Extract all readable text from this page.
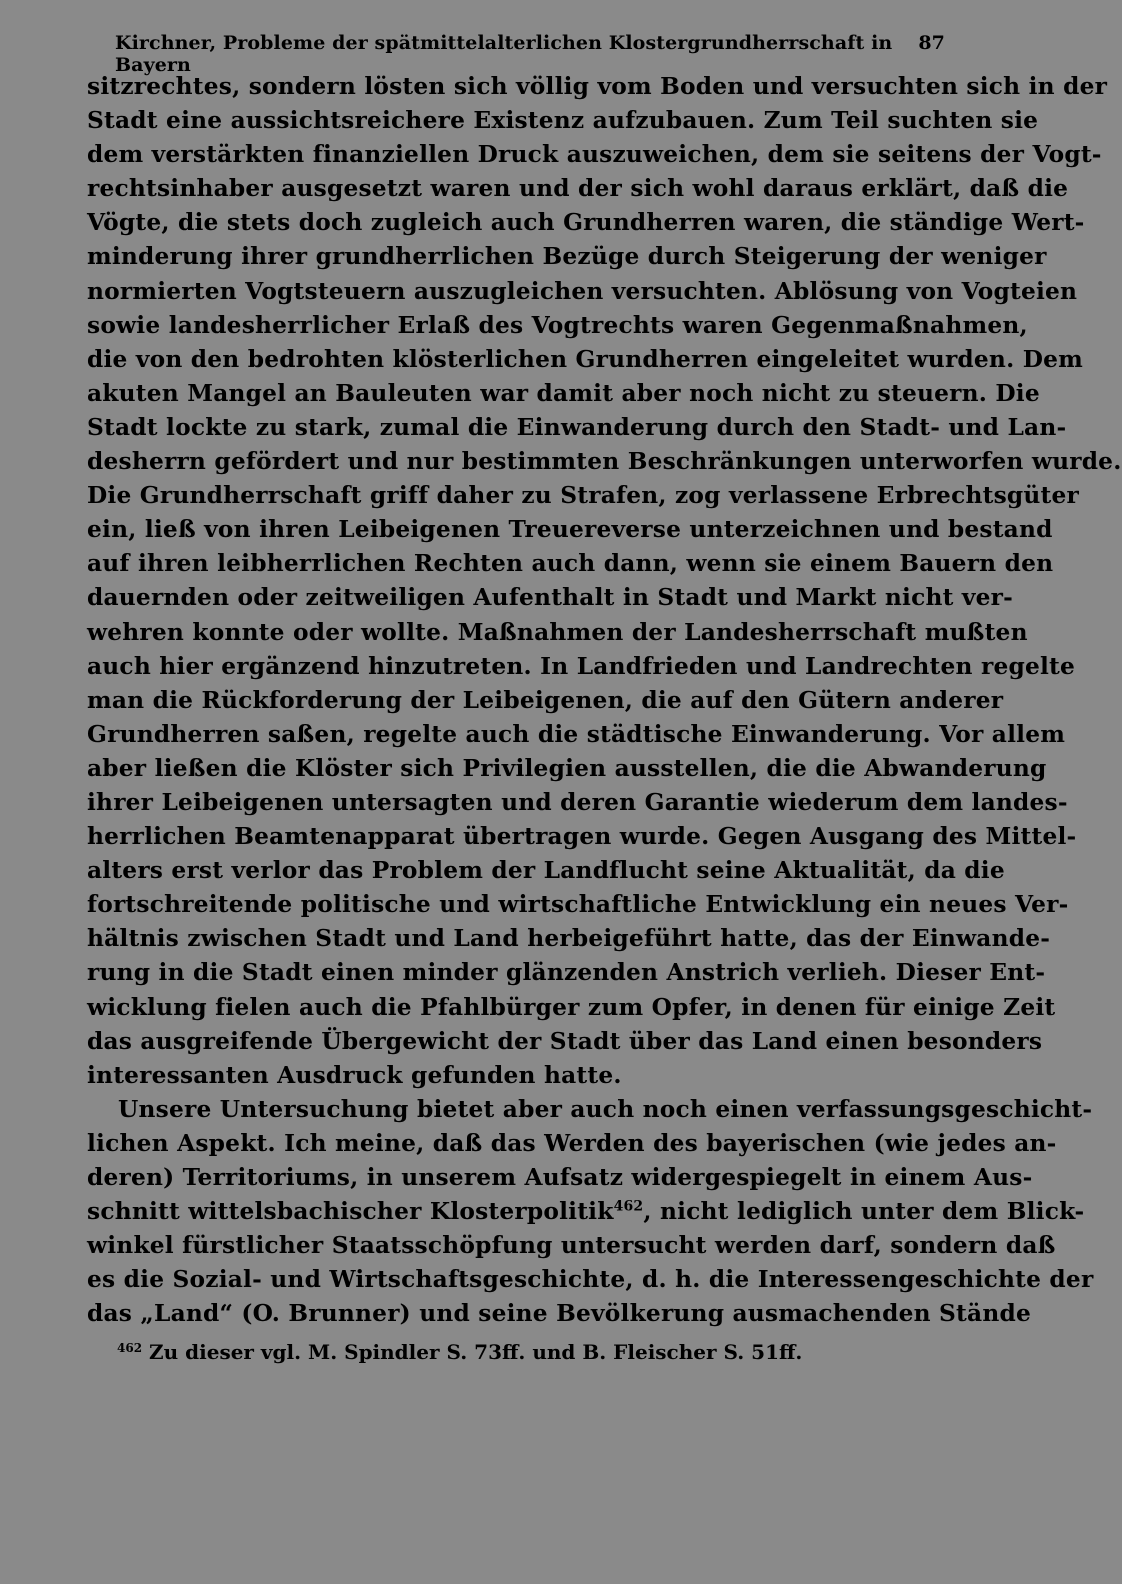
Kirchner, Probleme der spätmittelalterlichen Klostergrundherrschaft in Bayern
87
sitzrechtes, sondern lösten sich völlig vom Boden und versuchten sich in der
Stadt eine aussichtsreichere Existenz aufzubauen. Zum Teil suchten sie
dem verstärkten finanziellen Druck auszuweichen, dem sie seitens der Vogt-
rechtsinhaber ausgesetzt waren und der sich wohl daraus erklärt, daß die
Vögte, die stets doch zugleich auch Grundherren waren, die ständige Wert-
minderung ihrer grundherrlichen Bezüge durch Steigerung der weniger
normierten Vogtsteuern auszugleichen versuchten. Ablösung von Vogteien
sowie landesherrlicher Erlaß des Vogtrechts waren Gegenmaßnahmen,
die von den bedrohten klösterlichen Grundherren eingeleitet wurden. Dem
akuten Mangel an Bauleuten war damit aber noch nicht zu steuern. Die
Stadt lockte zu stark, zumal die Einwanderung durch den Stadt- und Lan-
desherrn gefördert und nur bestimmten Beschränkungen unterworfen wurde.
Die Grundherrschaft griff daher zu Strafen, zog verlassene Erbrechtsgüter
ein, ließ von ihren Leibeigenen Treuereverse unterzeichnen und bestand
auf ihren leibherrlichen Rechten auch dann, wenn sie einem Bauern den
dauernden oder zeitweiligen Aufenthalt in Stadt und Markt nicht ver-
wehren konnte oder wollte. Maßnahmen der Landesherrschaft mußten
auch hier ergänzend hinzutreten. In Landfrieden und Landrechten regelte
man die Rückforderung der Leibeigenen, die auf den Gütern anderer
Grundherren saßen, regelte auch die städtische Einwanderung. Vor allem
aber ließen die Klöster sich Privilegien ausstellen, die die Abwanderung
ihrer Leibeigenen untersagten und deren Garantie wiederum dem landes-
herrlichen Beamtenapparat übertragen wurde. Gegen Ausgang des Mittel-
alters erst verlor das Problem der Landflucht seine Aktualität, da die
fortschreitende politische und wirtschaftliche Entwicklung ein neues Ver-
hältnis zwischen Stadt und Land herbeigeführt hatte, das der Einwande-
rung in die Stadt einen minder glänzenden Anstrich verlieh. Dieser Ent-
wicklung fielen auch die Pfahlbürger zum Opfer, in denen für einige Zeit
das ausgreifende Übergewicht der Stadt über das Land einen besonders
interessanten Ausdruck gefunden hatte.
Unsere Untersuchung bietet aber auch noch einen verfassungsgeschicht-
lichen Aspekt. Ich meine, daß das Werden des bayerischen (wie jedes an-
deren) Territoriums, in unserem Aufsatz widergespiegelt in einem Aus-
schnitt wittelsbachischer Klosterpolitik$^{462}$, nicht lediglich unter dem Blick-
winkel fürstlicher Staatsschöpfung untersucht werden darf, sondern daß
es die Sozial- und Wirtschaftsgeschichte, d. h. die Interessengeschichte der
das „Land“ (O. Brunner) und seine Bevölkerung ausmachenden Stände
$^{462}$ Zu dieser vgl. M. Spindler S. 73ff. und B. Fleischer S. 51ff.
